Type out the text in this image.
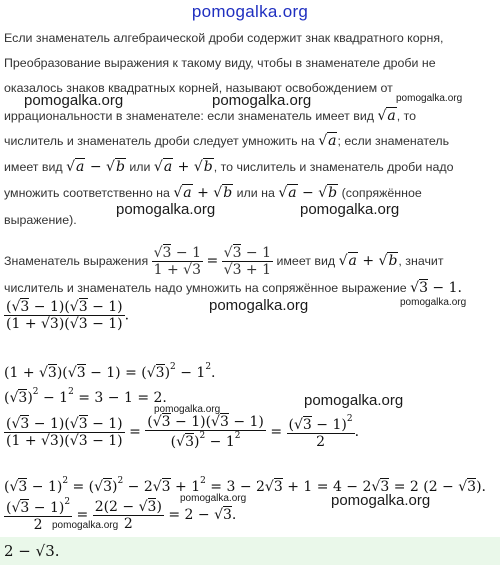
pomogalka.org
Если знаменатель алгебраической дроби содержит знак квадратного корня,
Преобразование выражения к такому виду, чтобы в знаменателе дроби не
оказалось знаков квадратных корней, называют освобождением от
иррациональности в знаменателе: если знаменатель имеет вид √a, то
числитель и знаменатель дроби следует умножить на √a; если знаменатель
имеет вид √a − √b или √a + √b, то числитель и знаменатель дроби надо
умножить соответственно на √a + √b или на √a − √b (сопряжённое
выражение).
Знаменатель выражения $\frac{√3 - 1}{1 + √3} = \frac{√3 - 1}{√3 + 1}$ имеет вид √a + √b, значит
числитель и знаменатель надо умножить на сопряжённое выражение √3 − 1.
$\frac{(√3 - 1)(√3 - 1)}{(1 + √3)(√3 - 1)}$ .
$(1 + √3)(√3 - 1) = (√3)^2 - 1^2$.
$(√3)^2 - 1^2 = 3 - 1 = 2$.
$\frac{(√3 - 1)(√3 - 1)}{(1 + √3)(√3 - 1)} = \frac{(√3 - 1)(√3 - 1)}{(√3)^2 - 1^2} = \frac{(√3 - 1)^2}{2}$ .
$(√3 - 1)^2 = (√3)^2 - 2√3 + 1^2 = 3 - 2√3 + 1 = 4 - 2√3 = 2$ (2 − √3).
$\frac{(√3 - 1)^2}{2} = \frac{2(2 - √3)}{2} = 2 - √3$.
2 − √3.
pomogalka.org	pomogalka.org	pomogalka.org
pomogalka.org	pomogalka.org
pomogalka.org	pomogalka.org
pomogalka.org
pomogalka.org
pomogalka.org
pomogalka.org
pomogalka.org
